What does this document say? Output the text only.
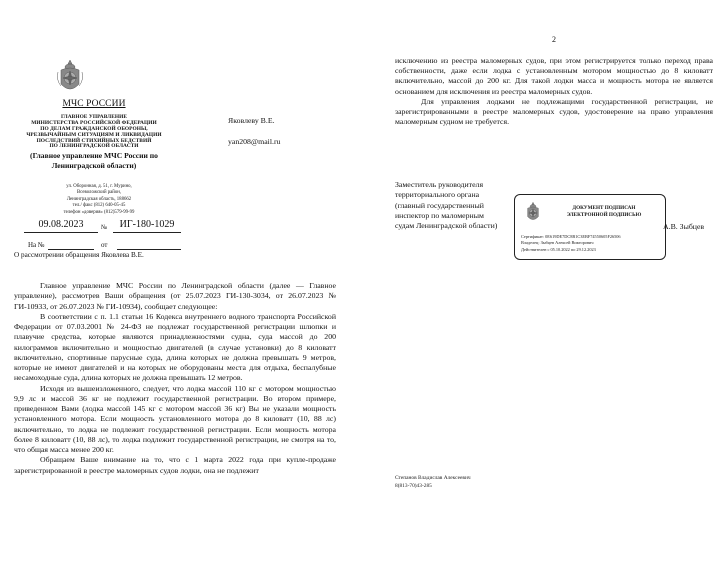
МЧС РОССИИ
ГЛАВНОЕ УПРАВЛЕНИЕ
МИНИСТЕРСТВА РОССИЙСКОЙ ФЕДЕРАЦИИ
ПО ДЕЛАМ ГРАЖДАНСКОЙ ОБОРОНЫ,
ЧРЕЗВЫЧАЙНЫМ СИТУАЦИЯМ И ЛИКВИДАЦИИ
ПОСЛЕДСТВИЙ СТИХИЙНЫХ БЕДСТВИЙ
ПО ЛЕНИНГРАДСКОЙ ОБЛАСТИ
(Главное управление МЧС России по
Ленинградской области)
ул. Оборонная, д. 51, г. Мурино,
Всеволожский район,
Ленинградская область, 188662
тел./ факс (812) 640-05-45
телефон «доверия» (812)579-99-99
09.08.2023	№	ИГ-180-1029
На №	от
О рассмотрении обращения Яковлева В.Е.
Яковлеву В.Е.
yan208@mail.ru

Главное управление МЧС России по Ленинградской области (далее — Главное управление), рассмотрев Ваши обращения (от 25.07.2023 ГИ-130-3034, от 26.07.2023 № ГИ-10933, от 26.07.2023 № ГИ-10934), сообщает следующее:

В соответствии с п. 1.1 статьи 16 Кодекса внутреннего водного транспорта Российской Федерации от 07.03.2001 № 24-ФЗ не подлежат государственной регистрации шлюпки и плавучие средства, которые являются принадлежностями судна, суда массой до 200 килограммов включительно и мощностью двигателей (в случае установки) до 8 киловатт включительно, спортивные парусные суда, длина которых не должна превышать 9 метров, которые не имеют двигателей и на которых не оборудованы места для отдыха, беспалубные несамоходные суда, длина которых не должна превышать 12 метров.

Исходя из вышеизложенного, следует, что лодка массой 110 кг с мотором мощностью 9,9 лс и массой 36 кг не подлежит государственной регистрации. Во втором примере, приведенном Вами (лодка массой 145 кг с мотором массой 36 кг) Вы не указали мощность установленного мотора. Если мощность установленного мотора до 8 киловатт (10, 88 лс) включительно, то лодка не подлежит государственной регистрации. Если мощность мотора более 8 киловатт (10, 88 лс), то лодка подлежит государственной регистрации, не смотря на то, что общая масса менее 200 кг.

Обращаем Ваше внимание на то, что с 1 марта 2022 года при купле-продаже зарегистрированной в реестре маломерных судов лодки, она не подлежит

2

исключению из реестра маломерных судов, при этом регистрируется только переход права собственности, даже если лодка с установленным мотором мощностью до 8 киловатт включительно, массой до 200 кг. Для такой лодки масса и мощность мотора не является основанием для исключения из реестра маломерных судов.

Для управления лодками не подлежащими государственной регистрации, не зарегистрированными в реестре маломерных судов, удостоверение на право управления маломерным судном не требуется.

Заместитель руководителя
территориального органа
(главный государственный
инспектор по маломерным
судам Ленинградской области)
ДОКУМЕНТ ПОДПИСАН
ЭЛЕКТРОННОЙ ПОДПИСЬЮ
Сертификат: 0E619DE7DC8B1C3EBF74550605F26506
Владелец: Зыбцев Алексей Викторович
Действителен с 05.10.2022 по 29.12.2023
А.В. Зыбцев
Степанов Владислав Алексеевич
8(813-70)43-285
